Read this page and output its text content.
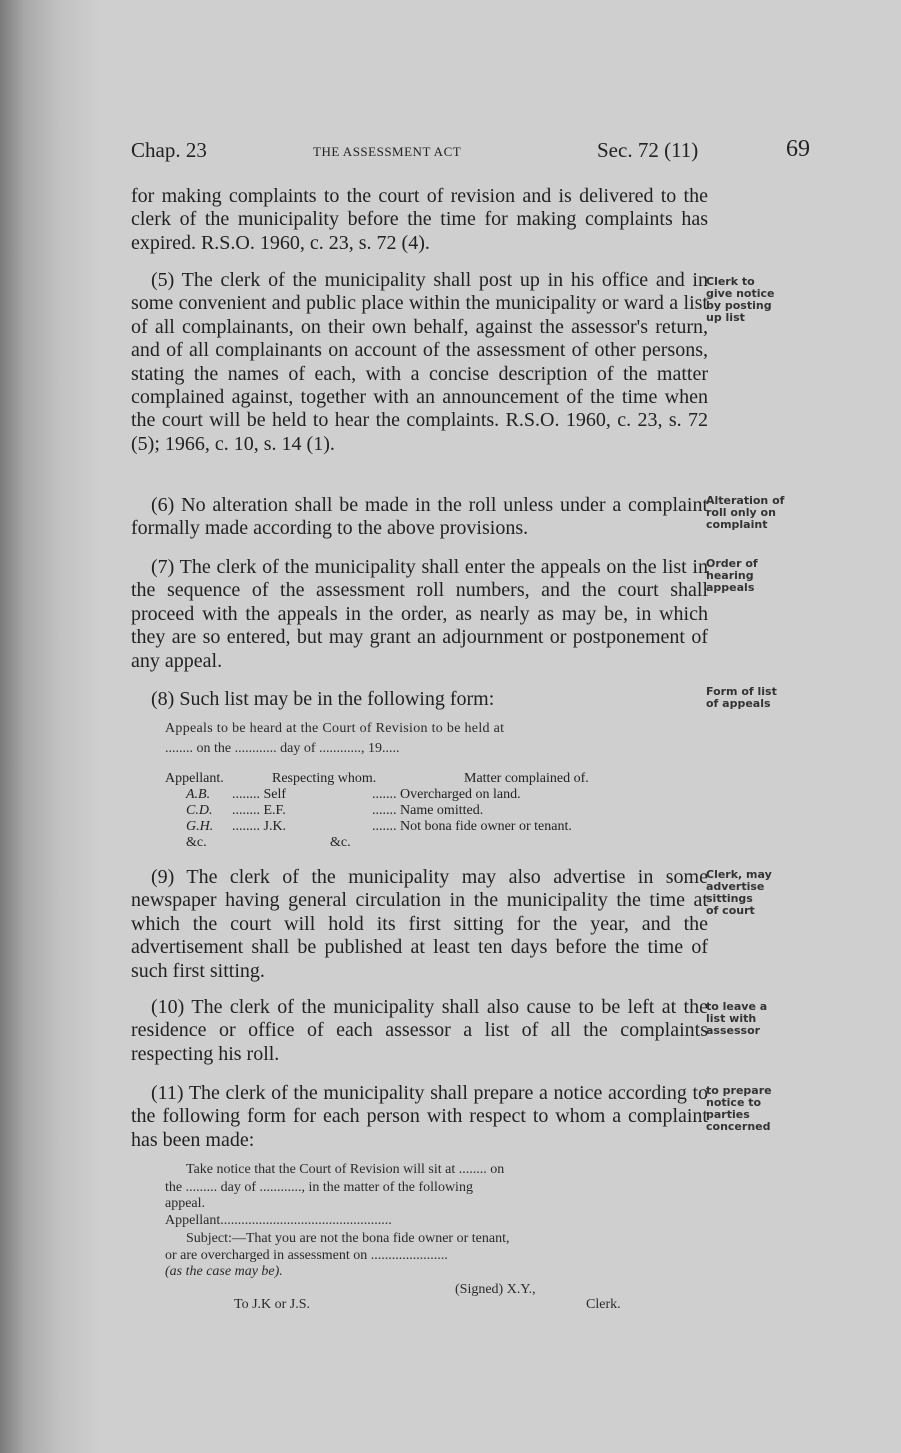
Chap. 23	THE ASSESSMENT ACT	Sec. 72 (11)	69

for making complaints to the court of revision and is delivered to the clerk of the municipality before the time for making complaints has expired. R.S.O. 1960, c. 23, s. 72 (4).

(5) The clerk of the municipality shall post up in his office and in some convenient and public place within the municipality or ward a list of all complainants, on their own behalf, against the assessor's return, and of all complainants on account of the assessment of other persons, stating the names of each, with a concise description of the matter complained against, together with an announcement of the time when the court will be held to hear the complaints. R.S.O. 1960, c. 23, s. 72 (5); 1966, c. 10, s. 14 (1).

(6) No alteration shall be made in the roll unless under a complaint formally made according to the above provisions.

(7) The clerk of the municipality shall enter the appeals on the list in the sequence of the assessment roll numbers, and the court shall proceed with the appeals in the order, as nearly as may be, in which they are so entered, but may grant an adjournment or postponement of any appeal.

(8) Such list may be in the following form:

Appeals to be heard at the Court of Revision to be held at
........ on the ............ day of ............, 19.....
Appellant.	Respecting whom.	Matter complained of.
A.B. ........ Self	....... Overcharged on land.
C.D. ........ E.F.	....... Name omitted.
G.H. ........ J.K.	....... Not bona fide owner or tenant.
&c.	&c.

(9) The clerk of the municipality may also advertise in some newspaper having general circulation in the municipality the time at which the court will hold its first sitting for the year, and the advertisement shall be published at least ten days before the time of such first sitting.

(10) The clerk of the municipality shall also cause to be left at the residence or office of each assessor a list of all the complaints respecting his roll.

(11) The clerk of the municipality shall prepare a notice according to the following form for each person with respect to whom a complaint has been made:

Take notice that the Court of Revision will sit at ........ on
the ......... day of ............, in the matter of the following
appeal.
Appellant.................................................
Subject:—That you are not the bona fide owner or tenant,
or are overcharged in assessment on ......................
(as the case may be).
(Signed) X.Y.,
To J.K or J.S.	Clerk.
Clerk to
give notice
by posting
up list
Alteration of
roll only on
complaint
Order of
hearing
appeals
Form of list
of appeals
Clerk, may
advertise
sittings
of court
to leave a
list with
assessor
to prepare
notice to
parties
concerned
